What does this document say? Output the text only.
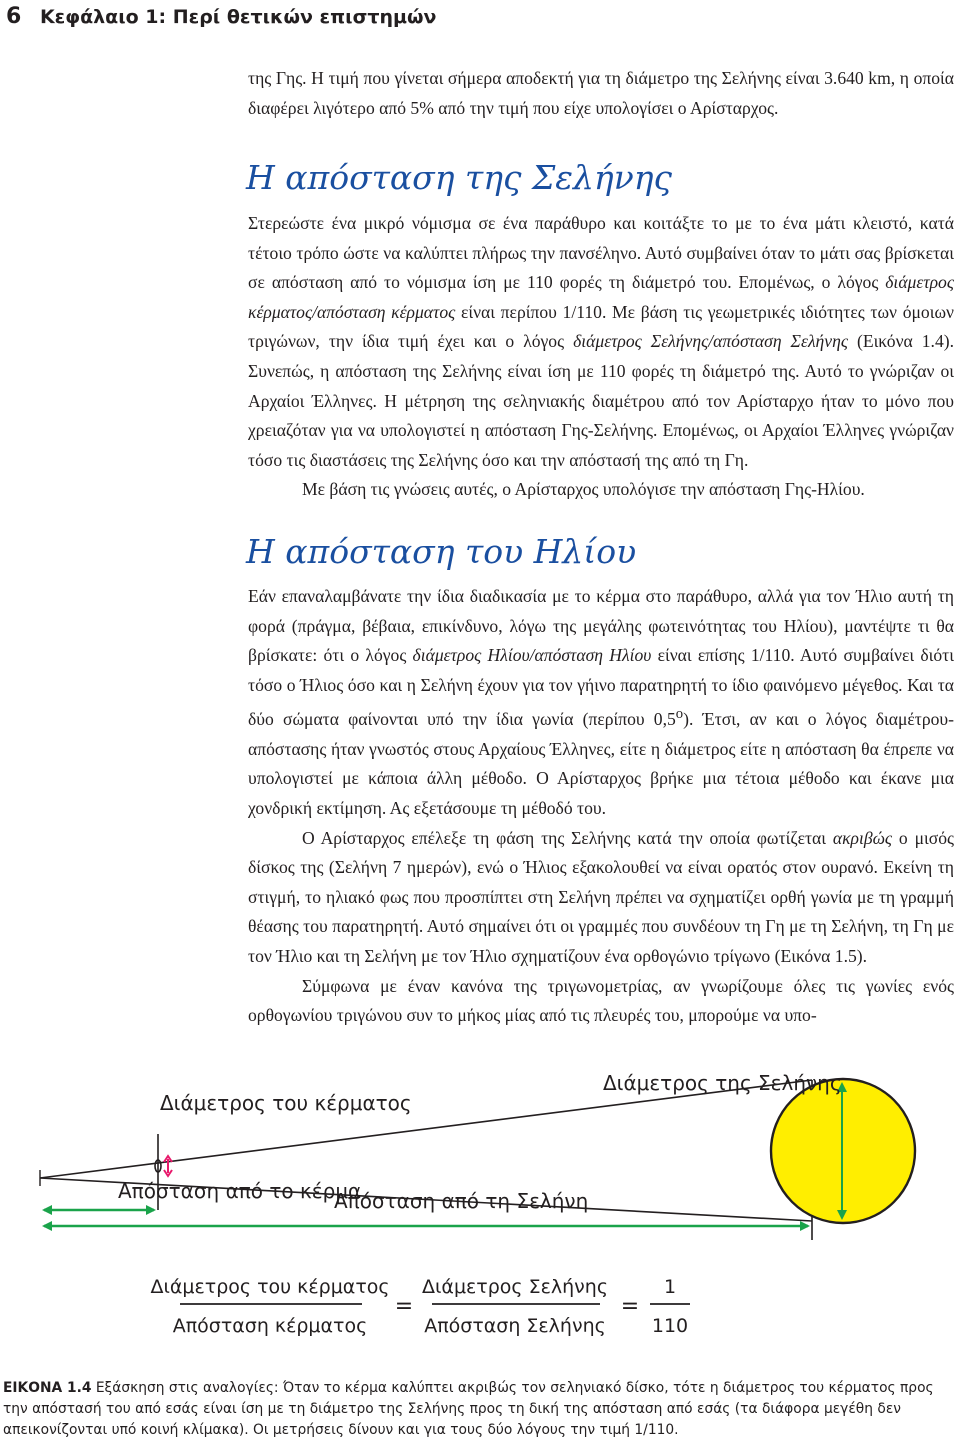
6 Κεφάλαιο 1: Περί θετικών επιστημών

της Γης. Η τιμή που γίνεται σήμερα αποδεκτή για τη διάμετρο της Σελήνης είναι 3.640 km, η οποία διαφέρει λιγότερο από 5% από την τιμή που είχε υπολογίσει ο Αρίσταρχος.

Η απόσταση της Σελήνης

Στερεώστε ένα μικρό νόμισμα σε ένα παράθυρο και κοιτάξτε το με το ένα μάτι κλειστό, κατά τέτοιο τρόπο ώστε να καλύπτει πλήρως την πανσέληνο. Αυτό συμβαίνει όταν το μάτι σας βρίσκεται σε απόσταση από το νόμισμα ίση με 110 φορές τη διάμετρό του. Επομένως, ο λόγος διάμετρος κέρματος/απόσταση κέρματος είναι περίπου 1/110. Με βάση τις γεωμετρικές ιδιότητες των όμοιων τριγώνων, την ίδια τιμή έχει και ο λόγος διάμετρος Σελήνης/απόσταση Σελήνης (Εικόνα 1.4). Συνεπώς, η απόσταση της Σελήνης είναι ίση με 110 φορές τη διάμετρό της. Αυτό το γνώριζαν οι Αρχαίοι Έλληνες. Η μέτρηση της σεληνιακής διαμέτρου από τον Αρίσταρχο ήταν το μόνο που χρειαζόταν για να υπολογιστεί η απόσταση Γης-Σελήνης. Επομένως, οι Αρχαίοι Έλληνες γνώριζαν τόσο τις διαστάσεις της Σελήνης όσο και την απόστασή της από τη Γη.

Με βάση τις γνώσεις αυτές, ο Αρίσταρχος υπολόγισε την απόσταση Γης-Ηλίου.

Η απόσταση του Ηλίου

Εάν επαναλαμβάνατε την ίδια διαδικασία με το κέρμα στο παράθυρο, αλλά για τον Ήλιο αυτή τη φορά (πράγμα, βέβαια, επικίνδυνο, λόγω της μεγάλης φωτεινότητας του Ηλίου), μαντέψτε τι θα βρίσκατε: ότι ο λόγος διάμετρος Ηλίου/απόσταση Ηλίου είναι επίσης 1/110. Αυτό συμβαίνει διότι τόσο ο Ήλιος όσο και η Σελήνη έχουν για τον γήινο παρατηρητή το ίδιο φαινόμενο μέγεθος. Και τα δύο σώματα φαίνονται υπό την ίδια γωνία (περίπου $0,5^o$). Έτσι, αν και ο λόγος διαμέτρου-απόστασης ήταν γνωστός στους Αρχαίους Έλληνες, είτε η διάμετρος είτε η απόσταση θα έπρεπε να υπολογιστεί με κάποια άλλη μέθοδο. Ο Αρίσταρχος βρήκε μια τέτοια μέθοδο και έκανε μια χονδρική εκτίμηση. Ας εξετάσουμε τη μέθοδό του.

Ο Αρίσταρχος επέλεξε τη φάση της Σελήνης κατά την οποία φωτίζεται ακριβώς ο μισός δίσκος της (Σελήνη 7 ημερών), ενώ ο Ήλιος εξακολουθεί να είναι ορατός στον ουρανό. Εκείνη τη στιγμή, το ηλιακό φως που προσπίπτει στη Σελήνη πρέπει να σχηματίζει ορθή γωνία με τη γραμμή θέασης του παρατηρητή. Αυτό σημαίνει ότι οι γραμμές που συνδέουν τη Γη με τη Σελήνη, τη Γη με τον Ήλιο και τη Σελήνη με τον Ήλιο σχηματίζουν ένα ορθογώνιο τρίγωνο (Εικόνα 1.5).

Σύμφωνα με έναν κανόνα της τριγωνομετρίας, αν γνωρίζουμε όλες τις γωνίες ενός ορθογωνίου τριγώνου συν το μήκος μίας από τις πλευρές του, μπορούμε να υπο-

Διάμετρος του κέρματος
Διάμετρος της Σελήνης
Απόσταση από το κέρμα
Απόσταση από τη Σελήνη
Διάμετρος του κέρματος
Απόσταση κέρματος
=
Διάμετρος Σελήνης
Απόσταση Σελήνης
=
1
110
ΕΙΚΟΝΑ 1.4 Εξάσκηση στις αναλογίες: Όταν το κέρμα καλύπτει ακριβώς τον σεληνιακό δίσκο, τότε η διάμετρος του κέρματος προς την απόστασή του από εσάς είναι ίση με τη διάμετρο της Σελήνης προς τη δική της απόσταση από εσάς (τα διάφορα μεγέθη δεν απεικονίζονται υπό κοινή κλίμακα). Οι μετρήσεις δίνουν και για τους δύο λόγους την τιμή 1/110.
